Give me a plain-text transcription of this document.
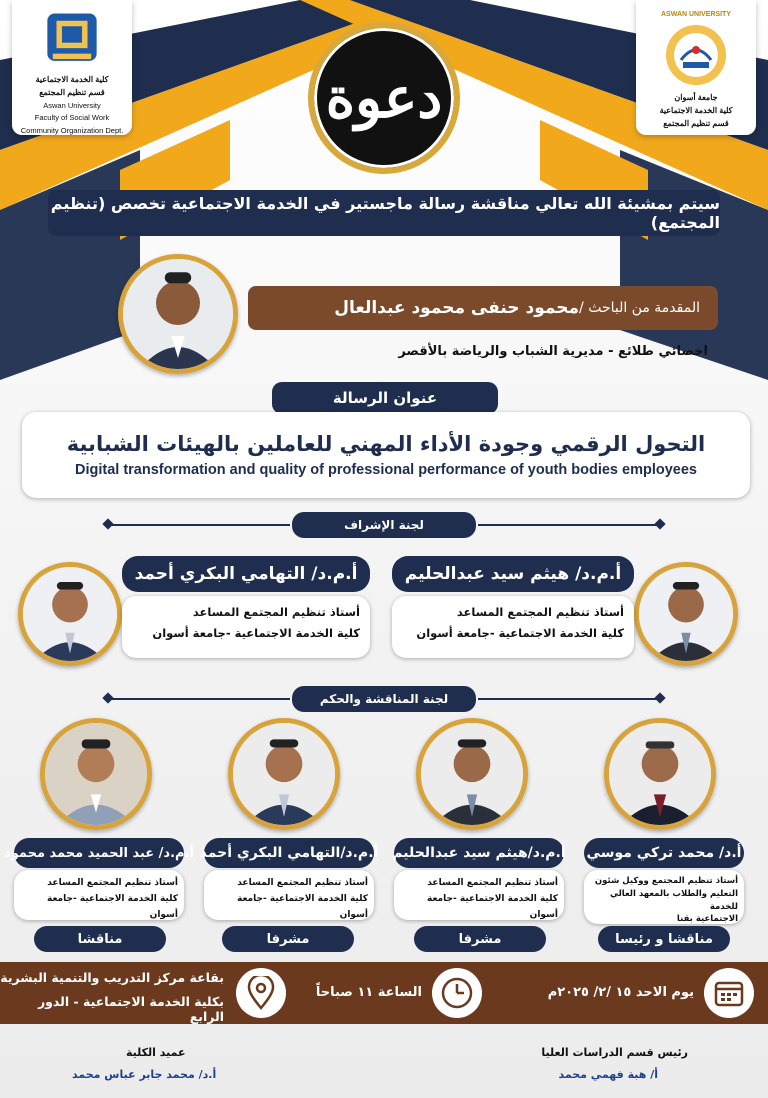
كلية الخدمة الاجتماعية
قسم تنظيم المجتمع
Aswan University
Faculty of Social Work
Community Organization Dept.
ASWAN UNIVERSITY
جامعة أسوان
كلية الخدمة الاجتماعية
قسم تنظيم المجتمع
دعوة
سيتم بمشيئة الله تعالي مناقشة رسالة ماجستير في الخدمة الاجتماعية تخصص (تنظيم المجتمع)
المقدمة من الباحث /
محمود حنفى محمود عبدالعال
اخصائي طلائع - مديرية الشباب والرياضة بالأقصر
عنوان الرسالة
التحول الرقمي وجودة الأداء المهني للعاملين بالهيئات الشبابية
Digital transformation and quality of professional performance of youth bodies employees
لجنة الإشراف
أ.م.د/ هيثم سيد عبدالحليم
أستاذ تنظيم المجتمع المساعد
كلية الخدمة الاجتماعية -جامعة أسوان
أ.م.د/ التهامي البكري أحمد
أستاذ تنظيم المجتمع المساعد
كلية الخدمة الاجتماعية -جامعة أسوان
لجنة المناقشة والحكم
أ.د/ محمد تركي موسي
أستاذ تنظيم المجتمع ووكيل شئون
التعليم والطلاب بالمعهد العالي للخدمة
الاجتماعية بقنا
مناقشا و رئيسا
أ.م.د/هيثم سيد عبدالحليم
أستاذ تنظيم المجتمع المساعد
كلية الخدمة الاجتماعية -جامعة أسوان
مشرفا
أ.م.د/التهامي البكري أحمد
أستاذ تنظيم المجتمع المساعد
كلية الخدمة الاجتماعية -جامعة أسوان
مشرفا
أ.م.د/ عبد الحميد محمد محمود
أستاذ تنظيم المجتمع المساعد
كلية الخدمة الاجتماعية -جامعة أسوان
مناقشا
يوم الاحد ١٥ /٢/ ٢٠٢٥م
الساعة ١١ صباحاً
بقاعة مركز التدريب والتنمية البشرية
بكلية الخدمة الاجتماعية - الدور الرابع
رئيس قسم الدراسات العليا
أ/ هبة فهمي محمد
عميد الكلية
أ.د/ محمد جابر عباس محمد
